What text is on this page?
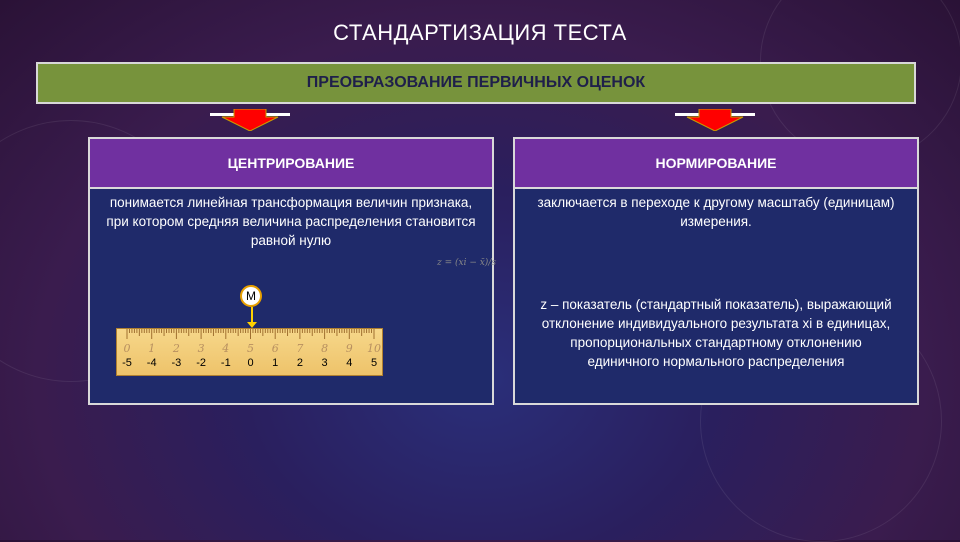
СТАНДАРТИЗАЦИЯ ТЕСТА
ПРЕОБРАЗОВАНИЕ ПЕРВИЧНЫХ ОЦЕНОК
ЦЕНТРИРОВАНИЕ
понимается линейная трансформация величин признака, при котором средняя величина распределения становится равной нулю
НОРМИРОВАНИЕ
заключается в переходе к другому масштабу (единицам) измерения.
z – показатель (стандартный показатель), выражающий отклонение индивидуального результата xi в единицах, пропорциональных стандартному отклонению единичного нормального распределения
z = (xi − x̄)/s
M
0	1	2	3	4	5	6	7	8	9	10
-5	-4	-3	-2	-1	0	1	2	3	4	5
